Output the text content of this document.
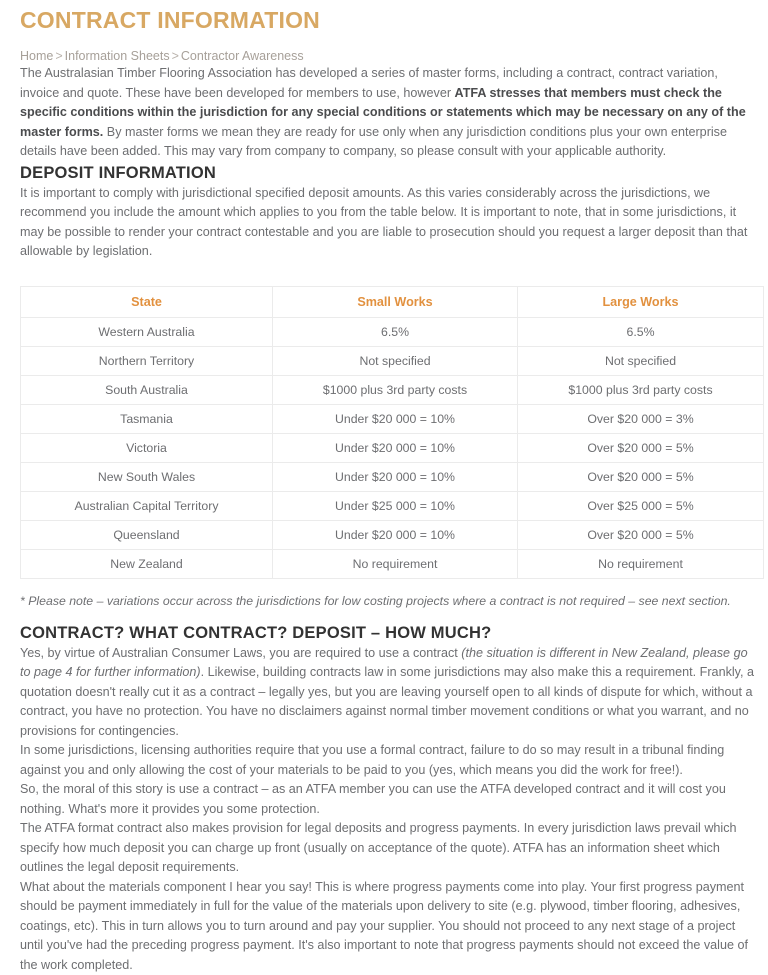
CONTRACT INFORMATION
Home > Information Sheets > Contractor Awareness

The Australasian Timber Flooring Association has developed a series of master forms, including a contract, contract variation, invoice and quote. These have been developed for members to use, however ATFA stresses that members must check the specific conditions within the jurisdiction for any special conditions or statements which may be necessary on any of the master forms. By master forms we mean they are ready for use only when any jurisdiction conditions plus your own enterprise details have been added. This may vary from company to company, so please consult with your applicable authority.

DEPOSIT INFORMATION

It is important to comply with jurisdictional specified deposit amounts. As this varies considerably across the jurisdictions, we recommend you include the amount which applies to you from the table below. It is important to note, that in some jurisdictions, it may be possible to render your contract contestable and you are liable to prosecution should you request a larger deposit than that allowable by legislation.

State	Small Works	Large Works
Western Australia	6.5%	6.5%
Northern Territory	Not specified	Not specified
South Australia	$1000 plus 3rd party costs	$1000 plus 3rd party costs
Tasmania	Under $20 000 = 10%	Over $20 000 = 3%
Victoria	Under $20 000 = 10%	Over $20 000 = 5%
New South Wales	Under $20 000 = 10%	Over $20 000 = 5%
Australian Capital Territory	Under $25 000 = 10%	Over $25 000 = 5%
Queensland	Under $20 000 = 10%	Over $20 000 = 5%
New Zealand	No requirement	No requirement

* Please note – variations occur across the jurisdictions for low costing projects where a contract is not required – see next section.

CONTRACT? WHAT CONTRACT? DEPOSIT – HOW MUCH?

Yes, by virtue of Australian Consumer Laws, you are required to use a contract (the situation is different in New Zealand, please go to page 4 for further information). Likewise, building contracts law in some jurisdictions may also make this a requirement. Frankly, a quotation doesn't really cut it as a contract – legally yes, but you are leaving yourself open to all kinds of dispute for which, without a contract, you have no protection. You have no disclaimers against normal timber movement conditions or what you warrant, and no provisions for contingencies.

In some jurisdictions, licensing authorities require that you use a formal contract, failure to do so may result in a tribunal finding against you and only allowing the cost of your materials to be paid to you (yes, which means you did the work for free!).

So, the moral of this story is use a contract – as an ATFA member you can use the ATFA developed contract and it will cost you nothing. What's more it provides you some protection.

The ATFA format contract also makes provision for legal deposits and progress payments. In every jurisdiction laws prevail which specify how much deposit you can charge up front (usually on acceptance of the quote). ATFA has an information sheet which outlines the legal deposit requirements.

What about the materials component I hear you say! This is where progress payments come into play. Your first progress payment should be payment immediately in full for the value of the materials upon delivery to site (e.g. plywood, timber flooring, adhesives, coatings, etc). This in turn allows you to turn around and pay your supplier. You should not proceed to any next stage of a project until you've had the preceding progress payment. It's also important to note that progress payments should not exceed the value of the work completed.
